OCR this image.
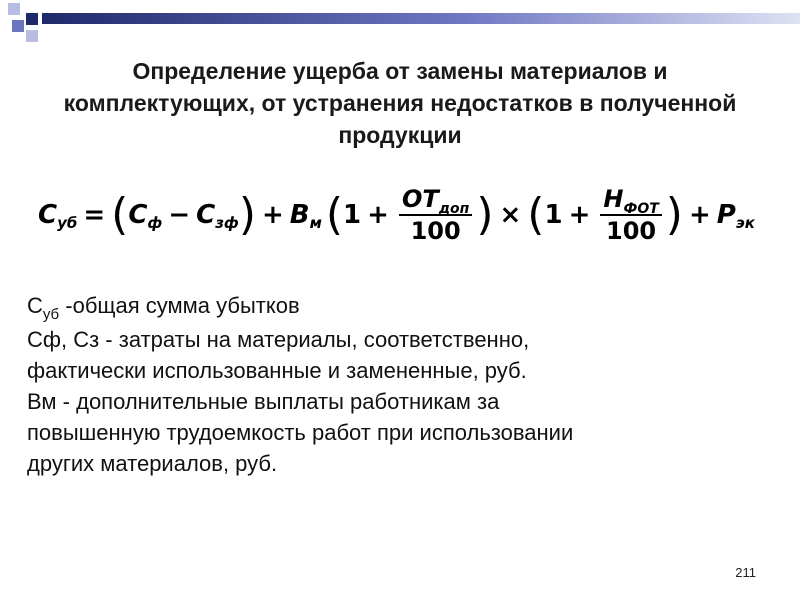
Определение ущерба от замены материалов и комплектующих, от устранения недостатков в полученной продукции
C уб = ( C ф − C зф ) + B м ( $1 + \frac{OT_{доп}}{100}$ ) × ( $1 + \frac{H_{ФОТ}}{100}$ ) + P эк
$С_{уб}$ -общая сумма убытков
Сф, Сз - затраты на материалы, соответственно,
фактически использованные и замененные, руб.
Вм - дополнительные выплаты работникам за
повышенную трудоемкость работ при использовании
других материалов, руб.
211
